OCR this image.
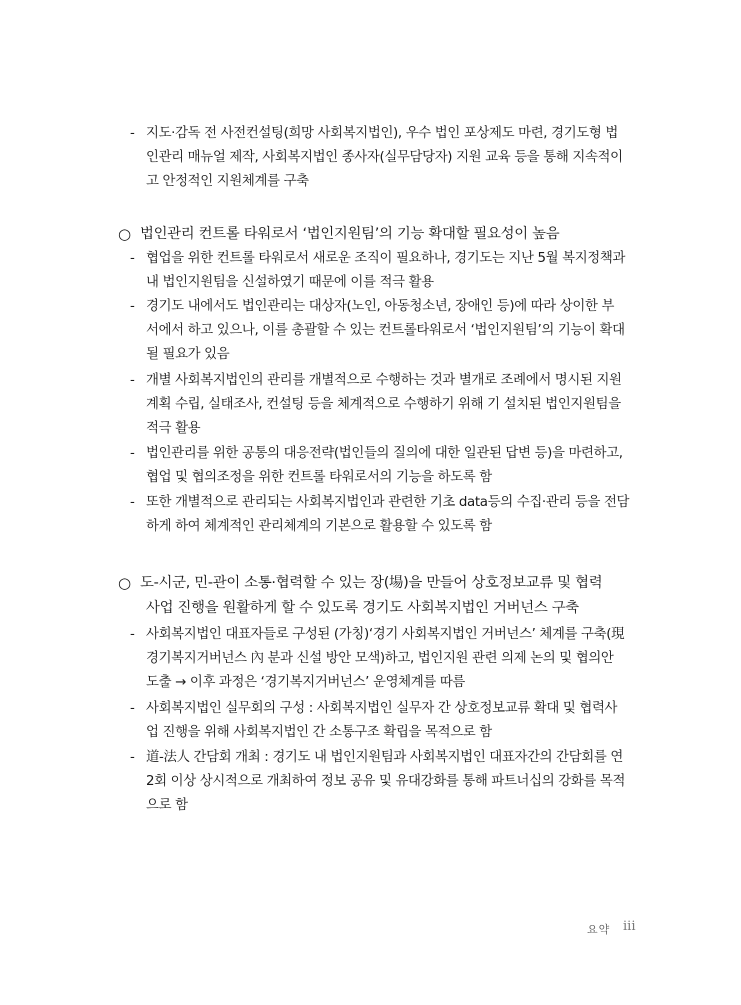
- 지도·감독 전 사전컨설팅(희망 사회복지법인), 우수 법인 포상제도 마련, 경기도형 법
인관리 매뉴얼 제작, 사회복지법인 종사자(실무담당자) 지원 교육 등을 통해 지속적이
고 안정적인 지원체계를 구축
○ 법인관리 컨트롤 타워로서 ‘법인지원팀’의 기능 확대할 필요성이 높음
- 협업을 위한 컨트롤 타워로서 새로운 조직이 필요하나, 경기도는 지난 5월 복지정책과
내 법인지원팀을 신설하였기 때문에 이를 적극 활용
- 경기도 내에서도 법인관리는 대상자(노인, 아동청소년, 장애인 등)에 따라 상이한 부
서에서 하고 있으나, 이를 총괄할 수 있는 컨트롤타워로서 ‘법인지원팀’의 기능이 확대
될 필요가 있음
- 개별 사회복지법인의 관리를 개별적으로 수행하는 것과 별개로 조례에서 명시된 지원
계획 수립, 실태조사, 컨설팅 등을 체계적으로 수행하기 위해 기 설치된 법인지원팀을
적극 활용
- 법인관리를 위한 공통의 대응전략(법인들의 질의에 대한 일관된 답변 등)을 마련하고,
협업 및 협의조정을 위한 컨트롤 타워로서의 기능을 하도록 함
- 또한 개별적으로 관리되는 사회복지법인과 관련한 기초 data등의 수집·관리 등을 전담
하게 하여 체계적인 관리체계의 기본으로 활용할 수 있도록 함
○ 도-시군, 민-관이 소통·협력할 수 있는 장(場)을 만들어 상호정보교류 및 협력
사업 진행을 원활하게 할 수 있도록 경기도 사회복지법인 거버넌스 구축
- 사회복지법인 대표자들로 구성된 (가칭)‘경기 사회복지법인 거버넌스’ 체계를 구축(現
경기복지거버넌스 內 분과 신설 방안 모색)하고, 법인지원 관련 의제 논의 및 협의안
도출 → 이후 과정은 ‘경기복지거버넌스’ 운영체계를 따름
- 사회복지법인 실무회의 구성 : 사회복지법인 실무자 간 상호정보교류 확대 및 협력사
업 진행을 위해 사회복지법인 간 소통구조 확립을 목적으로 함
- 道-法人 간담회 개최 : 경기도 내 법인지원팀과 사회복지법인 대표자간의 간담회를 연
2회 이상 상시적으로 개최하여 정보 공유 및 유대강화를 통해 파트너십의 강화를 목적
으로 함
요약 iii
